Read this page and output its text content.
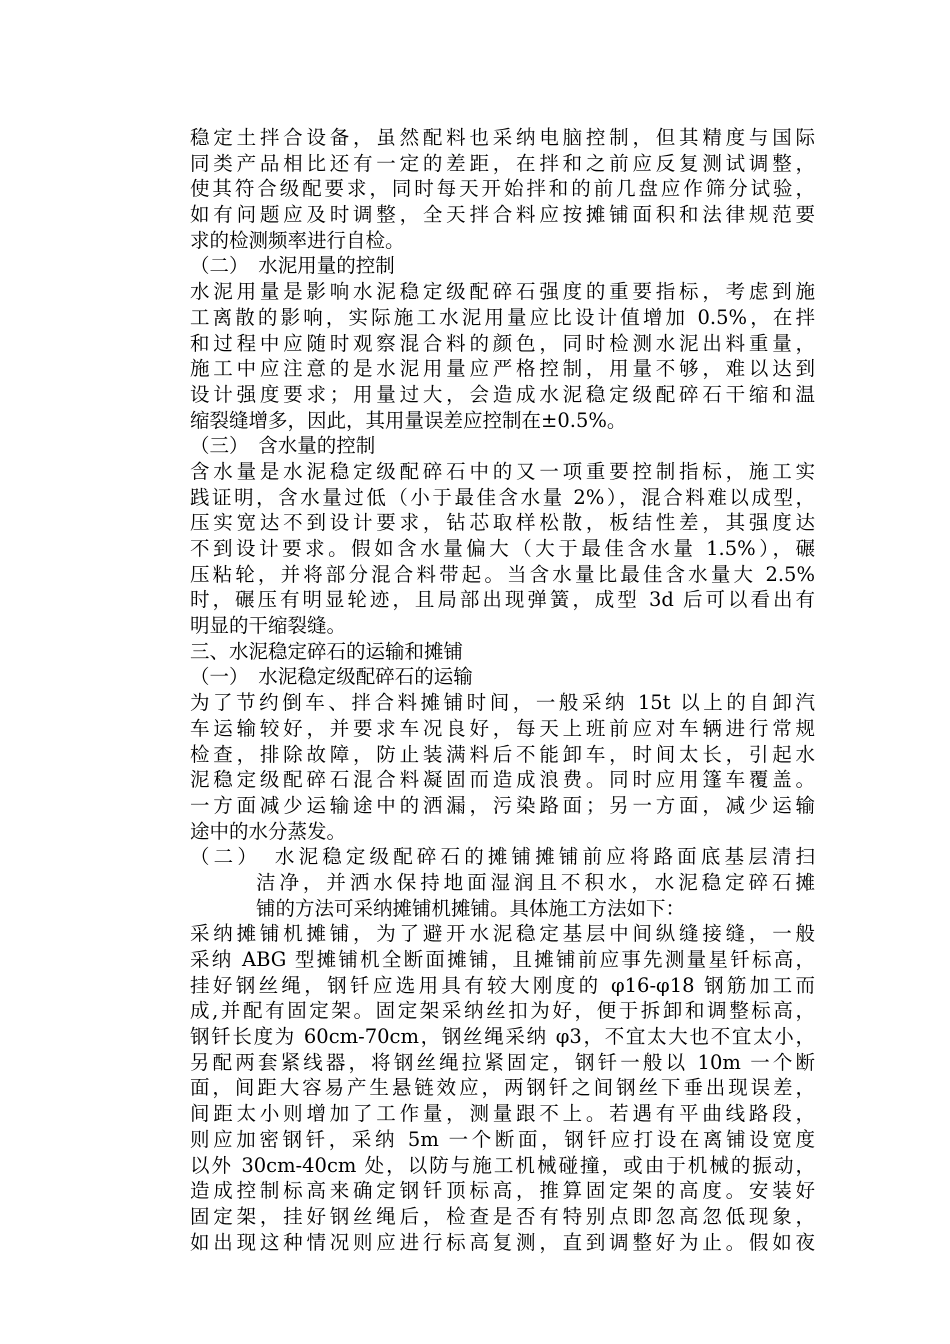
稳定土拌合设备，虽然配料也采纳电脑控制，但其精度与国际
同类产品相比还有一定的差距，在拌和之前应反复测试调整，
使其符合级配要求，同时每天开始拌和的前几盘应作筛分试验，
如有问题应及时调整，全天拌合料应按摊铺面积和法律规范要
求的检测频率进行自检。
（二）　水泥用量的控制
水泥用量是影响水泥稳定级配碎石强度的重要指标，考虑到施
工离散的影响，实际施工水泥用量应比设计值增加 0.5%，在拌
和过程中应随时观察混合料的颜色，同时检测水泥出料重量，
施工中应注意的是水泥用量应严格控制，用量不够，难以达到
设计强度要求；用量过大，会造成水泥稳定级配碎石干缩和温
缩裂缝增多，因此，其用量误差应控制在±0.5%。
（三）　含水量的控制
含水量是水泥稳定级配碎石中的又一项重要控制指标，施工实
践证明，含水量过低（小于最佳含水量 2%），混合料难以成型，
压实宽达不到设计要求，钻芯取样松散，板结性差，其强度达
不到设计要求。假如含水量偏大（大于最佳含水量 1.5%），碾
压粘轮，并将部分混合料带起。当含水量比最佳含水量大 2.5%
时，碾压有明显轮迹，且局部出现弹簧，成型 3d 后可以看出有
明显的干缩裂缝。
三、水泥稳定碎石的运输和摊铺
（一）　水泥稳定级配碎石的运输
为了节约倒车、拌合料摊铺时间，一般采纳 15t 以上的自卸汽
车运输较好，并要求车况良好，每天上班前应对车辆进行常规
检查，排除故障，防止装满料后不能卸车，时间太长，引起水
泥稳定级配碎石混合料凝固而造成浪费。同时应用篷车覆盖。
一方面减少运输途中的洒漏，污染路面；另一方面，减少运输
途中的水分蒸发。
（二）　水泥稳定级配碎石的摊铺摊铺前应将路面底基层清扫
洁净，并洒水保持地面湿润且不积水，水泥稳定碎石摊
铺的方法可采纳摊铺机摊铺。具体施工方法如下：
采纳摊铺机摊铺，为了避开水泥稳定基层中间纵缝接缝，一般
采纳 ABG 型摊铺机全断面摊铺，且摊铺前应事先测量星钎标高，
挂好钢丝绳，钢钎应选用具有较大刚度的 φ16-φ18 钢筋加工而
成,并配有固定架。固定架采纳丝扣为好，便于拆卸和调整标高，
钢钎长度为 60cm-70cm，钢丝绳采纳 φ3，不宜太大也不宜太小，
另配两套紧线器，将钢丝绳拉紧固定，钢钎一般以 10m 一个断
面，间距大容易产生悬链效应，两钢钎之间钢丝下垂出现误差，
间距太小则增加了工作量，测量跟不上。若遇有平曲线路段，
则应加密钢钎，采纳 5m 一个断面，钢钎应打设在离铺设宽度
以外 30cm-40cm 处，以防与施工机械碰撞，或由于机械的振动，
造成控制标高来确定钢钎顶标高，推算固定架的高度。安装好
固定架，挂好钢丝绳后，检查是否有特别点即忽高忽低现象，
如出现这种情况则应进行标高复测，直到调整好为止。假如夜
